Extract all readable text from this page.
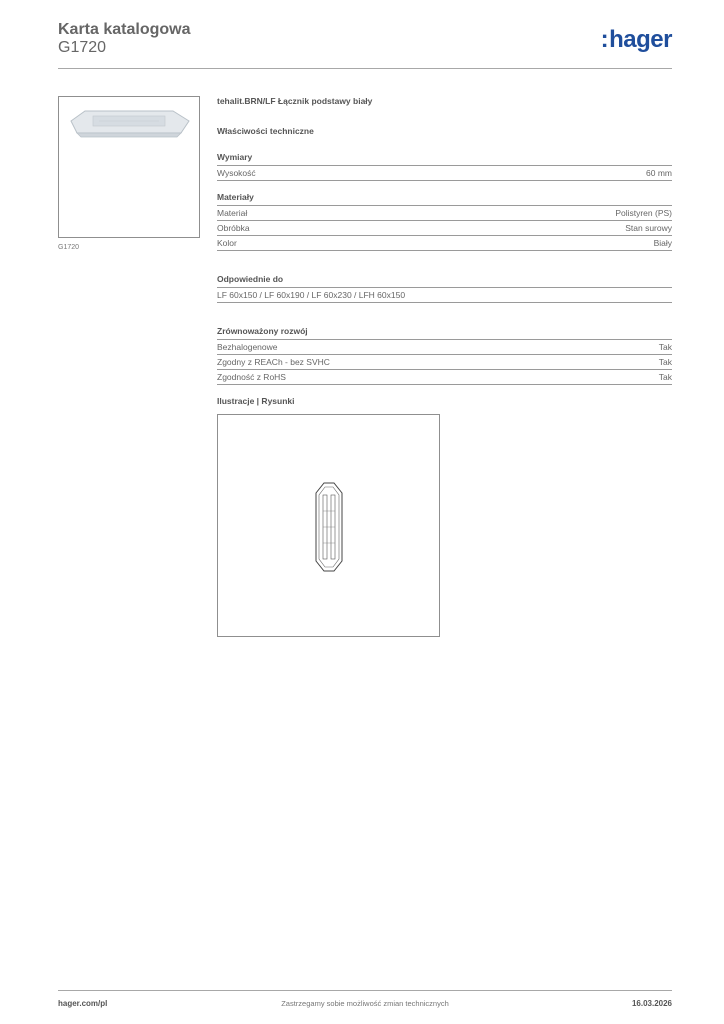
Karta katalogowa
G1720	:hager
G1720
tehalit.BRN/LF Łącznik podstawy biały
Właściwości techniczne
Wymiary
Wysokość	60 mm
Materiały
Materiał	Polistyren (PS)
Obróbka	Stan surowy
Kolor	Biały
Odpowiednie do
LF 60x150 / LF 60x190 / LF 60x230 / LFH 60x150
Zrównoważony rozwój
Bezhalogenowe	Tak
Zgodny z REACh - bez SVHC	Tak
Zgodność z RoHS	Tak
Ilustracje | Rysunki
hager.com/pl	Zastrzegamy sobie możliwość zmian technicznych	16.03.2026
